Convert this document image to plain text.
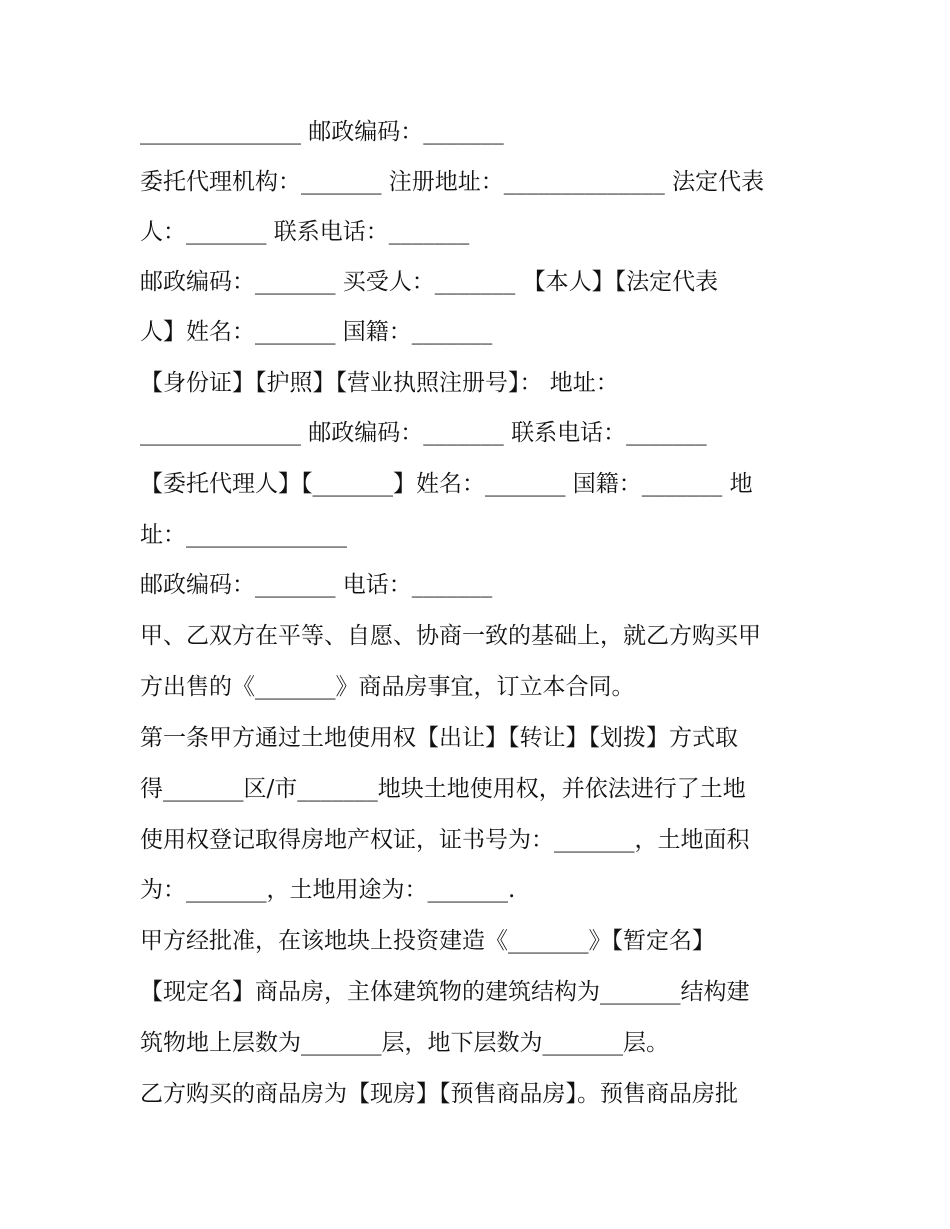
______________ 邮政编码：_______
委托代理机构：_______ 注册地址：______________ 法定代表
人：_______ 联系电话：_______
邮政编码：_______ 买受人：_______ 【本人】【法定代表
人】姓名：_______ 国籍：_______
【身份证】【护照】【营业执照注册号】： 地址：
______________ 邮政编码：_______ 联系电话：_______
【委托代理人】【_______】姓名：_______ 国籍：_______ 地
址：______________
邮政编码：_______ 电话：_______
甲、乙双方在平等、自愿、协商一致的基础上，就乙方购买甲
方出售的《_______》商品房事宜，订立本合同。
第一条甲方通过土地使用权【出让】【转让】【划拨】方式取
得_______区/市_______地块土地使用权，并依法进行了土地
使用权登记取得房地产权证，证书号为：_______，土地面积
为：_______，土地用途为：_______.
甲方经批准，在该地块上投资建造《_______》【暂定名】
【现定名】商品房，主体建筑物的建筑结构为_______结构建
筑物地上层数为_______层，地下层数为_______层。
乙方购买的商品房为【现房】【预售商品房】。预售商品房批
